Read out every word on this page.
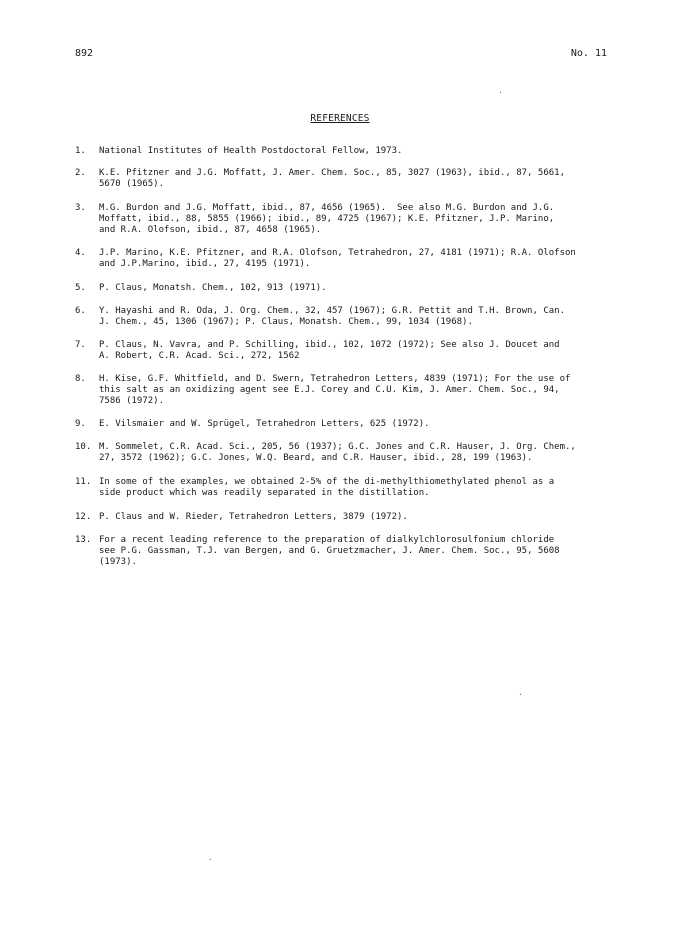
892	No. 11
REFERENCES
1.	National Institutes of Health Postdoctoral Fellow, 1973.
2.	K.E. Pfitzner and J.G. Moffatt, J. Amer. Chem. Soc., 85, 3027 (1963), ibid., 87, 5661,
5670 (1965).
3.	M.G. Burdon and J.G. Moffatt, ibid., 87, 4656 (1965).  See also M.G. Burdon and J.G.
Moffatt, ibid., 88, 5855 (1966); ibid., 89, 4725 (1967); K.E. Pfitzner, J.P. Marino,
and R.A. Olofson, ibid., 87, 4658 (1965).
4.	J.P. Marino, K.E. Pfitzner, and R.A. Olofson, Tetrahedron, 27, 4181 (1971); R.A. Olofson
and J.P.Marino, ibid., 27, 4195 (1971).
5.	P. Claus, Monatsh. Chem., 102, 913 (1971).
6.	Y. Hayashi and R. Oda, J. Org. Chem., 32, 457 (1967); G.R. Pettit and T.H. Brown, Can.
J. Chem., 45, 1306 (1967); P. Claus, Monatsh. Chem., 99, 1034 (1968).
7.	P. Claus, N. Vavra, and P. Schilling, ibid., 102, 1072 (1972); See also J. Doucet and
A. Robert, C.R. Acad. Sci., 272, 1562
8.	H. Kise, G.F. Whitfield, and D. Swern, Tetrahedron Letters, 4839 (1971); For the use of
this salt as an oxidizing agent see E.J. Corey and C.U. Kim, J. Amer. Chem. Soc., 94,
7586 (1972).
9.	E. Vilsmaier and W. Sprügel, Tetrahedron Letters, 625 (1972).
10. M. Sommelet, C.R. Acad. Sci., 205, 56 (1937); G.C. Jones and C.R. Hauser, J. Org. Chem.,
27, 3572 (1962); G.C. Jones, W.Q. Beard, and C.R. Hauser, ibid., 28, 199 (1963).
11. In some of the examples, we obtained 2-5% of the di-methylthiomethylated phenol as a
side product which was readily separated in the distillation.
12. P. Claus and W. Rieder, Tetrahedron Letters, 3879 (1972).
13. For a recent leading reference to the preparation of dialkylchlorosulfonium chloride
see P.G. Gassman, T.J. van Bergen, and G. Gruetzmacher, J. Amer. Chem. Soc., 95, 5608
(1973).
·
·
·
